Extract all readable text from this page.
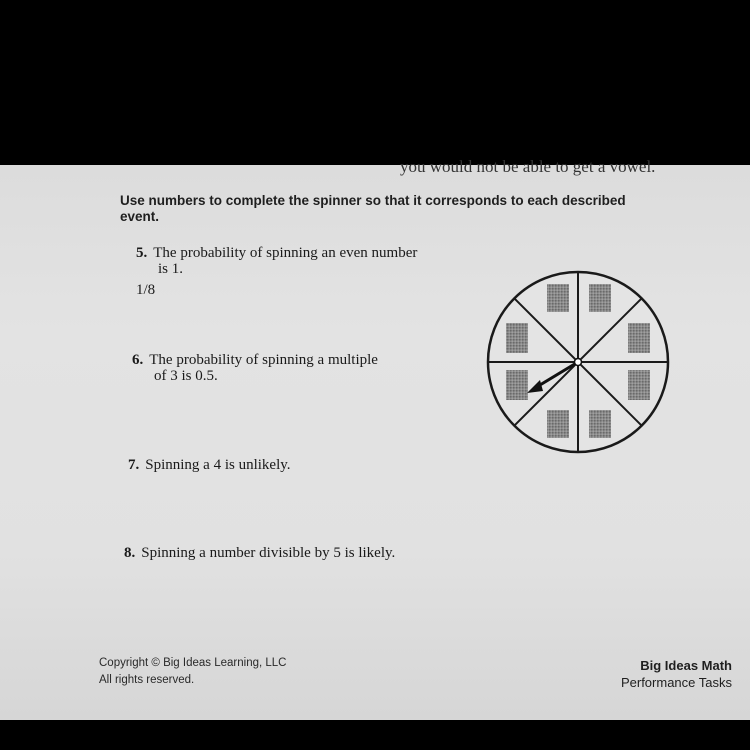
you would not be able to get a vowel.
Use numbers to complete the spinner so that it corresponds to each described event.
5. The probability of spinning an even number
is 1.
1/8
6. The probability of spinning a multiple
of 3 is 0.5.
7. Spinning a 4 is unlikely.
8. Spinning a number divisible by 5 is likely.
Copyright © Big Ideas Learning, LLC
All rights reserved.
Big Ideas Math
Performance Tasks
